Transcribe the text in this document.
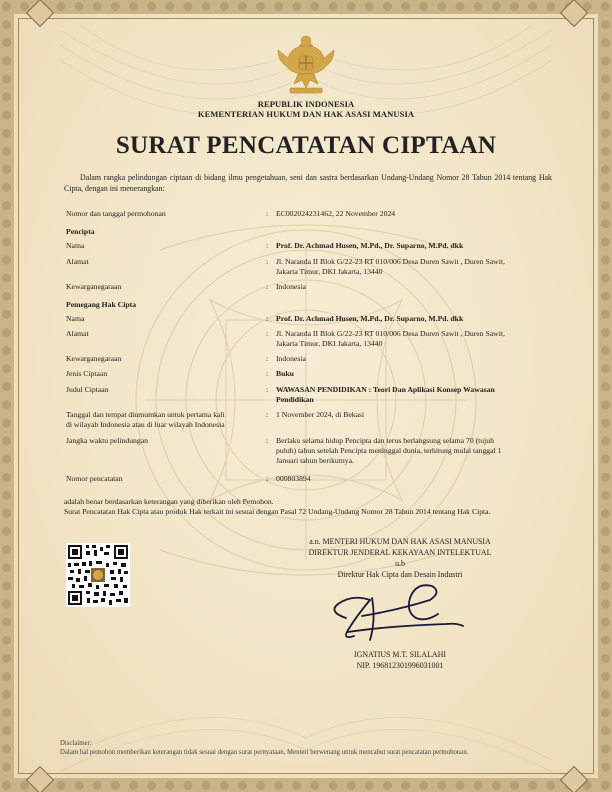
REPUBLIK INDONESIA
KEMENTERIAN HUKUM DAN HAK ASASI MANUSIA
SURAT PENCATATAN CIPTAAN
Dalam rangka pelindungan ciptaan di bidang ilmu pengetahuan, seni dan sastra berdasarkan Undang-Undang Nomor 28 Tahun 2014 tentang Hak Cipta, dengan ini menerangkan:
Nomor dan tanggal permohonan	: EC002024231462, 22 November 2024
Pencipta
Nama	: Prof. Dr. Achmad Husen, M.Pd., Dr. Suparno, M.Pd. dkk
Alamat	: Jl. Naranda II Blok G/22-23 RT 010/006 Desa Duren Sawit , Duren Sawit,
Jakarta Timur, DKI Jakarta, 13440
Kewarganegaraan	: Indonesia
Pemegang Hak Cipta
Nama	: Prof. Dr. Achmad Husen, M.Pd., Dr. Suparno, M.Pd. dkk
Alamat	: Jl. Naranda II Blok G/22-23 RT 010/006 Desa Duren Sawit , Duren Sawit,
Jakarta Timur, DKI Jakarta, 13440
Kewarganegaraan	: Indonesia
Jenis Ciptaan	: Buku
Judul Ciptaan	: WAWASAN PENDIDIKAN : Teori Dan Aplikasi Konsep Wawasan
Pendidikan
Tanggal dan tempat diumumkan untuk pertama kali
di wilayah Indonesia atau di luar wilayah Indonesia
: 1 November 2024, di Bekasi
Jangka waktu pelindungan	: Berlaku selama hidup Pencipta dan terus berlangsung selama 70 (tujuh
puluh) tahun setelah Pencipta meninggal dunia, terhitung mulai tanggal 1
Januari tahun berikutnya.
Nomor pencatatan	: 000803894
adalah benar berdasarkan keterangan yang diberikan oleh Pemohon.
Surat Pencatatan Hak Cipta atau produk Hak terkait ini sesuai dengan Pasal 72 Undang-Undang Nomor 28 Tahun 2014 tentang Hak Cipta.
a.n. MENTERI HUKUM DAN HAK ASASI MANUSIA
DIREKTUR JENDERAL KEKAYAAN INTELEKTUAL
u.b
Direktur Hak Cipta dan Desain Industri
IGNATIUS M.T. SILALAHI
NIP. 196812301996031001
Disclaimer:
Dalam hal pemohon memberikan keterangan tidak sesuai dengan surat pernyataan, Menteri berwenang untuk mencabut surat pencatatan permohonan.
